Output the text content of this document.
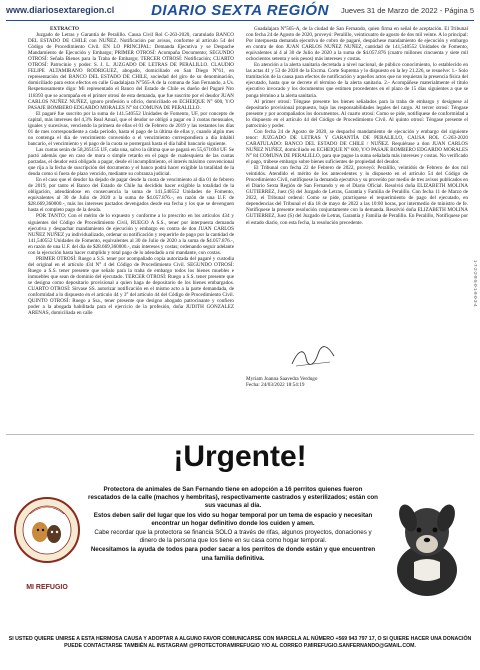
www.diariosextaregion.cl	DIARIO SEXTA REGIÓN	Jueves 31 de Marzo de 2022 - Página 5

EXTRACTO

Juzgado de Letras y Garantía de Peralillo. Causa Civil Rol C-263-2020, caratulado BANCO DEL ESTADO DE CHILE con NUÑEZ. Notificación por avisos, conforme al artículo 54 del Código de Procedimiento Civil. EN LO PRINCIPAL: Demanda Ejecutiva y se Despache Mandamiento de Ejecución y Embargo; PRIMER OTROSÍ: Acompaña Documento; SEGUNDO OTROSÍ: Señala Bienes para la Traba de Embargo; TERCER OTROSÍ: Notificación; CUARTO OTROSÍ: Patrocinio y poder. S. J. L. JUZGADO DE LETRAS DE PERALILLO. CLAUDIO FELIPE ALTAMIRANO RODRIGUEZ, abogado, domiciliado en San Diego N°61, en representación del BANCO DEL ESTADO DE CHILE, sociedad del giro de su denominación, domiciliado para estos efectos en calle Guadalajara N°565-A de la comuna de San Fernando, a Us. Respetuosamente digo: Mi representado el Banco del Estado de Chile es dueño del Pagaré Nro 118393 que se acompaña en el primer otrosí de esta demanda, que fue suscrito por el deudor JUAN CARLOS NUÑEZ NUÑEZ, ignoro profesión u oficio, domiciliado en ECHEIQUE N° 600, Y/O PASAJE BOMBERO EDGARDO MORALES N° 84 COMUNA DE PERALILLO.

El pagaré fue suscrito por la suma de 141.540552 Unidades de Fomento, UF, por concepto de capital, más intereses del 4,3% Real Anual, que el deudor se obligó a pagar en 3 cuotas mensuales, iguales y sucesivas, venciendo la primera de ellas el 01 de Febrero de 2019 y las restantes los días 01 de mes correspondiente a cada período, hasta el pago de la última de ellas y, cuando algún mes no contenga el día de vencimiento convenido o el vencimiento correspondiera a día inhábil bancario, el vencimiento y el pago de la cuota se postergará hasta el día hábil bancario siguiente.

Las cuotas serán de 58,265155 UF, cada una, salvo la última que se pagará en 55,671694 UF. Se pactó además que en caso de mora o simple retardo en el pago de cualesquiera de las cuotas pactadas, el deudor está obligado a pagar, desde el incumplimiento, el interés máximo convencional que rija a la fecha de suscripción del documento y el banco podrá hacer exigible la totalidad de la deuda como si fuera de plazo vencido, mediante su cobranza judicial.

En el caso que el deudor ha dejado de pagar desde la cuota de vencimiento al día 01 de febrero de 2019, por tanto el Banco del Estado de Chile ha decidido hacer exigible la totalidad de la obligación, adeudándose en consecuencia la suma de 141,540552 Unidades de Fomento, equivalentes al 30 de Julio de 2020 a la suma de $4.057.876.-, en razón de una U.F. de $28.669,360000.-, más los intereses pactados devengados desde esa fecha y los que se devenguen hasta el completo pago de la deuda.

POR TANTO; Con el mérito de lo expuesto y conforme a lo prescrito en los artículos 434 y siguientes del Código de Procedimiento Civil, RUEGO A S.S., tener por interpuesta demanda ejecutiva y despachar mandamiento de ejecución y embargo en contra de don JUAN CARLOS NUÑEZ NUÑEZ ya individualizado, ordenar su notificación y requerirle de pago por la cantidad de 141,540552 Unidades de Fomento, equivalentes al 30 de Julio de 2020 a la suma de $4.057.876.-, en razón de una U.F. del día de $28.669,360000.-, más intereses y costas; ordenando seguir adelante con la ejecución hasta hacer cumplido y total pago de lo adeudado a mi mandante, con costas.

PRIMER OTROSÍ: Ruego a S.S. tener por acompañado copia autorizada del pagaré y custodia del original en el artículo 434 N° 4 del Código de Procedimiento Civil. SEGUNDO OTROSÍ: Ruego a S.S. tener presente que señalo para la traba de embargo todos los bienes muebles e inmuebles que sean de dominio del ejecutado. TERCER OTROSÍ: Ruego a S.S. tener presente que se designa como depositario provisional a quien haga de depositario de los bienes embargados. CUARTO OTROSÍ: Sírvase SS. autorizar notificación en el mismo acto a la parte demandada, de conformidad a lo dispuesto en el artículo 44 y 3° del artículo 44 del Código de Procedimiento Civil. QUINTO OTROSÍ: Ruego a Ssa., tener presente que designo abogado patrocinante y confiero poder a la abogada habilitada para el ejercicio de la profesión, doña JUDITH GONZALEZ ARENAS, domiciliada en calle

Guadalajara N°565-A, de la ciudad de San Fernando, quien firma en señal de aceptación. El Tribunal con fecha 24 de Agosto de 2020, proveyó: Peralillo, veinticuatro de agosto de dos mil veinte. A lo principal: Por interpuesta demanda ejecutiva de cobro de pagaré, despáchese mandamiento de ejecución y embargo en contra de don JUAN CARLOS NUÑEZ NUÑEZ, cantidad de 141,540552 Unidades de Fomento, equivalentes al 4 al 30 de Julio de 2020 a la suma de $4.057.876 (cuatro millones cincuenta y siete mil ochocientos setenta y seis pesos) más intereses y costas.

En atención a la alerta sanitaria decretada a nivel nacional, de público conocimiento, lo establecido en las actas 41 y 53 de 2020 de la Excma. Corte Suprema y lo dispuesto en la ley 21.226, se resuelve: 1.- Solo tramitación de la causa para efectos de notificación y aquellos actos que no requieran la presencia física del ejecutado, hasta que se decrete el término de la alerta sanitaria. 2.- Acompáñese materialmente el título ejecutivo invocado y los documentos que estimen procedentes en el plazo de 15 días siguientes a que se ponga término a la alerta sanitaria.

Al primer otrosí: Téngase presente los bienes señalados para la traba de embargo y desígnese al depositario provisional propuesto, bajo las responsabilidades legales del cargo. Al tercer otrosí: Téngase presente y por acompañados los documentos. Al cuarto otrosí: Como se pide, notifíquese de conformidad a lo dispuesto en el artículo 44 del Código de Procedimiento Civil. Al quinto otrosí: Téngase presente el patrocinio y poder.

Con fecha 24 de Agosto de 2020, se despachó mandamiento de ejecución y embargo del siguiente tenor: JUZGADO DE LETRAS Y GARANTÍA DE PERALILLO, CAUSA ROL C-263-2020 CARATULADO: BANCO DEL ESTADO DE CHILE / NUÑEZ. Requiérase a don JUAN CARLOS NUÑEZ NUÑEZ, domiciliado en ECHEIQUE N° 600, Y/O PASAJE BOMBERO EDGARDO MORALES N° 84 COMUNA DE PERALILLO, para que pague la suma señalada más intereses y costas. No verificado el pago, trábese embargo sobre bienes suficientes de propiedad del deudor.

El Tribunal con fecha 22 de Febrero de 2022, proveyó: Peralillo, veintidós de Febrero de dos mil veintidós. Atendido el mérito de los antecedentes y lo dispuesto en el artículo 54 del Código de Procedimiento Civil, notifíquese la demanda ejecutiva y su proveído por medio de tres avisos publicados en el Diario Sexta Región de San Fernando y en el Diario Oficial. Resolvió doña ELIZABETH MOLINA GUTIERREZ, Juez (S) del Juzgado de Letras, Garantía y Familia de Peralillo. Con fecha 11 de Marzo de 2022, el Tribunal ordenó: Como se pide, practíquese el requerimiento de pago del ejecutado, en dependencias del Tribunal el día 18 de mayo de 2022 a las 10:00 horas, por intermedio de ministro de fe. Notifíquese la presente resolución conjuntamente con la demanda. Resolvió doña ELIZABETH MOLINA GUTIERREZ, Juez (S) del Juzgado de Letras, Garantía y Familia de Peralillo. En Peralillo, Notifíquese por el estado diario, con esta fecha, la resolución precedente.

Myriam Joanna Saavedra Verdugo
Fecha: 24/03/2022 18:54:19
1-7-2-2-8-5-0-1-8-0-3-4
¡Urgente!
MI REFUGIO

Protectora de animales de San Fernando tiene en adopción a 16 perritos quienes fueron rescatados de la calle (machos y hembritas), respectivamente castrados y esterilizados; están con sus vacunas al día.

Estos deben salir del lugar que los vido su hogar temporal por un tema de espacio y necesitan encontrar un hogar definitivo donde los cuiden y amen.

Cabe recordar que la protectora se financia SOLO a través de rifas, algunos proyectos, donaciones y dinero de la persona que los tiene en su casa como hogar temporal.

Necesitamos la ayuda de todos para poder sacar a los perritos de donde están y que encuentren una familia definitiva.

SI USTED QUIERE UNIRSE A ESTA HERMOSA CAUSA Y ADOPTAR A ALGUNO FAVOR COMUNICARSE CON MARCELA AL NÚMERO +569 943 797 17, O SI QUIERE HACER UNA DONACIÓN PUEDE CONTACTARSE TAMBIÉN AL INSTAGRAM @PROTECTORAMIREFUGIO Y/O AL CORREO P.MIREFUGIO.SANFERNANDO@GMAIL.COM.
